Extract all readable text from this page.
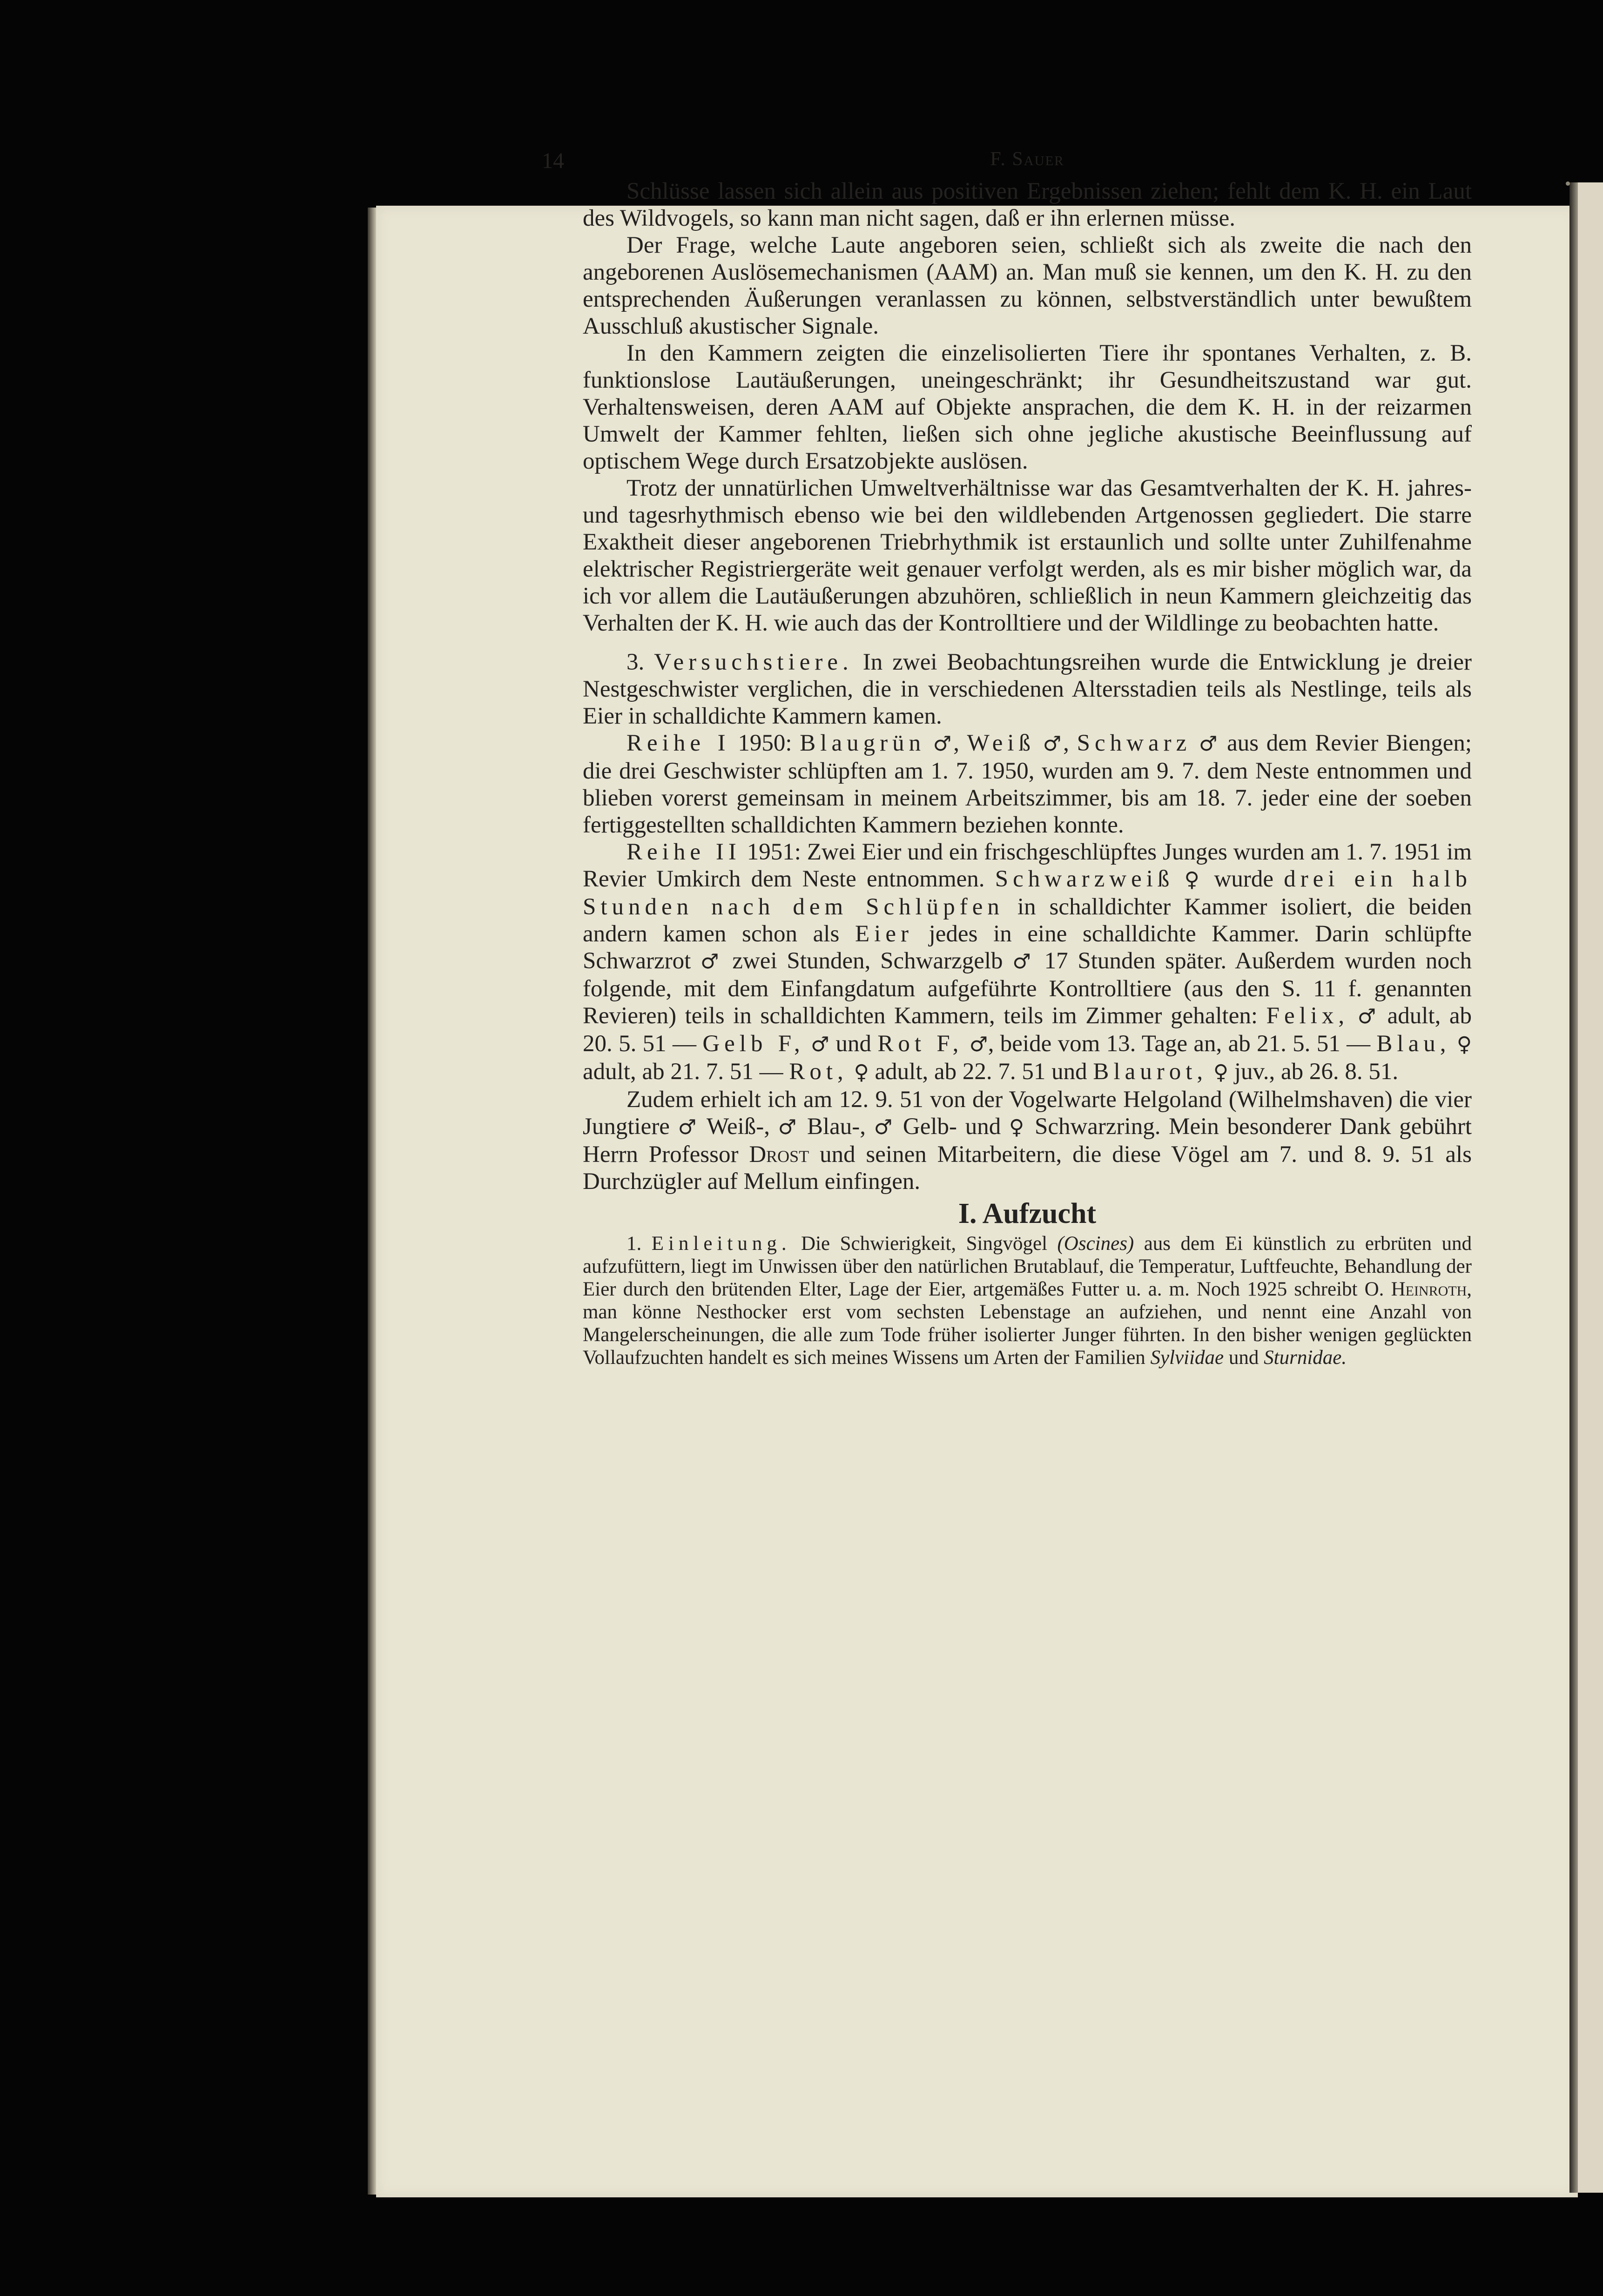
14	F. Sauer

Schlüsse lassen sich allein aus positiven Ergebnissen ziehen; fehlt dem K. H. ein Laut des Wildvogels, so kann man nicht sagen, daß er ihn erlernen müsse.

Der Frage, welche Laute angeboren seien, schließt sich als zweite die nach den angeborenen Auslösemechanismen (AAM) an. Man muß sie kennen, um den K. H. zu den entsprechenden Äußerungen veranlassen zu können, selbstverständlich unter bewußtem Ausschluß akustischer Signale.

In den Kammern zeigten die einzelisolierten Tiere ihr spontanes Verhalten, z. B. funktionslose Lautäußerungen, uneingeschränkt; ihr Gesundheitszustand war gut. Verhaltensweisen, deren AAM auf Objekte ansprachen, die dem K. H. in der reizarmen Umwelt der Kammer fehlten, ließen sich ohne jegliche akustische Beeinflussung auf optischem Wege durch Ersatzobjekte auslösen.

Trotz der unnatürlichen Umweltverhältnisse war das Gesamtverhalten der K. H. jahres- und tagesrhythmisch ebenso wie bei den wildlebenden Artgenossen gegliedert. Die starre Exaktheit dieser angeborenen Triebrhythmik ist erstaunlich und sollte unter Zuhilfenahme elektrischer Registriergeräte weit genauer verfolgt werden, als es mir bisher möglich war, da ich vor allem die Lautäußerungen abzuhören, schließlich in neun Kammern gleichzeitig das Verhalten der K. H. wie auch das der Kontrolltiere und der Wildlinge zu beobachten hatte.

3. Versuchstiere. In zwei Beobachtungsreihen wurde die Entwicklung je dreier Nestgeschwister verglichen, die in verschiedenen Altersstadien teils als Nestlinge, teils als Eier in schalldichte Kammern kamen.

Reihe I 1950: Blaugrün ♂, Weiß ♂, Schwarz ♂ aus dem Revier Biengen; die drei Geschwister schlüpften am 1. 7. 1950, wurden am 9. 7. dem Neste entnommen und blieben vorerst gemeinsam in meinem Arbeitszimmer, bis am 18. 7. jeder eine der soeben fertiggestellten schalldichten Kammern beziehen konnte.

Reihe II 1951: Zwei Eier und ein frischgeschlüpftes Junges wurden am 1. 7. 1951 im Revier Umkirch dem Neste entnommen. Schwarzweiß ♀ wurde drei ein halb Stunden nach dem Schlüpfen in schalldichter Kammer isoliert, die beiden andern kamen schon als Eier jedes in eine schalldichte Kammer. Darin schlüpfte Schwarzrot ♂ zwei Stunden, Schwarzgelb ♂ 17 Stunden später. Außerdem wurden noch folgende, mit dem Einfangdatum aufgeführte Kontrolltiere (aus den S. 11 f. genannten Revieren) teils in schalldichten Kammern, teils im Zimmer gehalten: Felix, ♂ adult, ab 20. 5. 51 — Gelb F, ♂ und Rot F, ♂, beide vom 13. Tage an, ab 21. 5. 51 — Blau, ♀ adult, ab 21. 7. 51 — Rot, ♀ adult, ab 22. 7. 51 und Blaurot, ♀ juv., ab 26. 8. 51.

Zudem erhielt ich am 12. 9. 51 von der Vogelwarte Helgoland (Wilhelmshaven) die vier Jungtiere ♂ Weiß-, ♂ Blau-, ♂ Gelb- und ♀ Schwarzring. Mein besonderer Dank gebührt Herrn Professor Drost und seinen Mitarbeitern, die diese Vögel am 7. und 8. 9. 51 als Durchzügler auf Mellum einfingen.

I. Aufzucht

1. Einleitung. Die Schwierigkeit, Singvögel (Oscines) aus dem Ei künstlich zu erbrüten und aufzufüttern, liegt im Unwissen über den natürlichen Brutablauf, die Temperatur, Luftfeuchte, Behandlung der Eier durch den brütenden Elter, Lage der Eier, artgemäßes Futter u. a. m. Noch 1925 schreibt O. Heinroth, man könne Nesthocker erst vom sechsten Lebenstage an aufziehen, und nennt eine Anzahl von Mangelerscheinungen, die alle zum Tode früher isolierter Junger führten. In den bisher wenigen geglückten Vollaufzuchten handelt es sich meines Wissens um Arten der Familien Sylviidae und Sturnidae.
